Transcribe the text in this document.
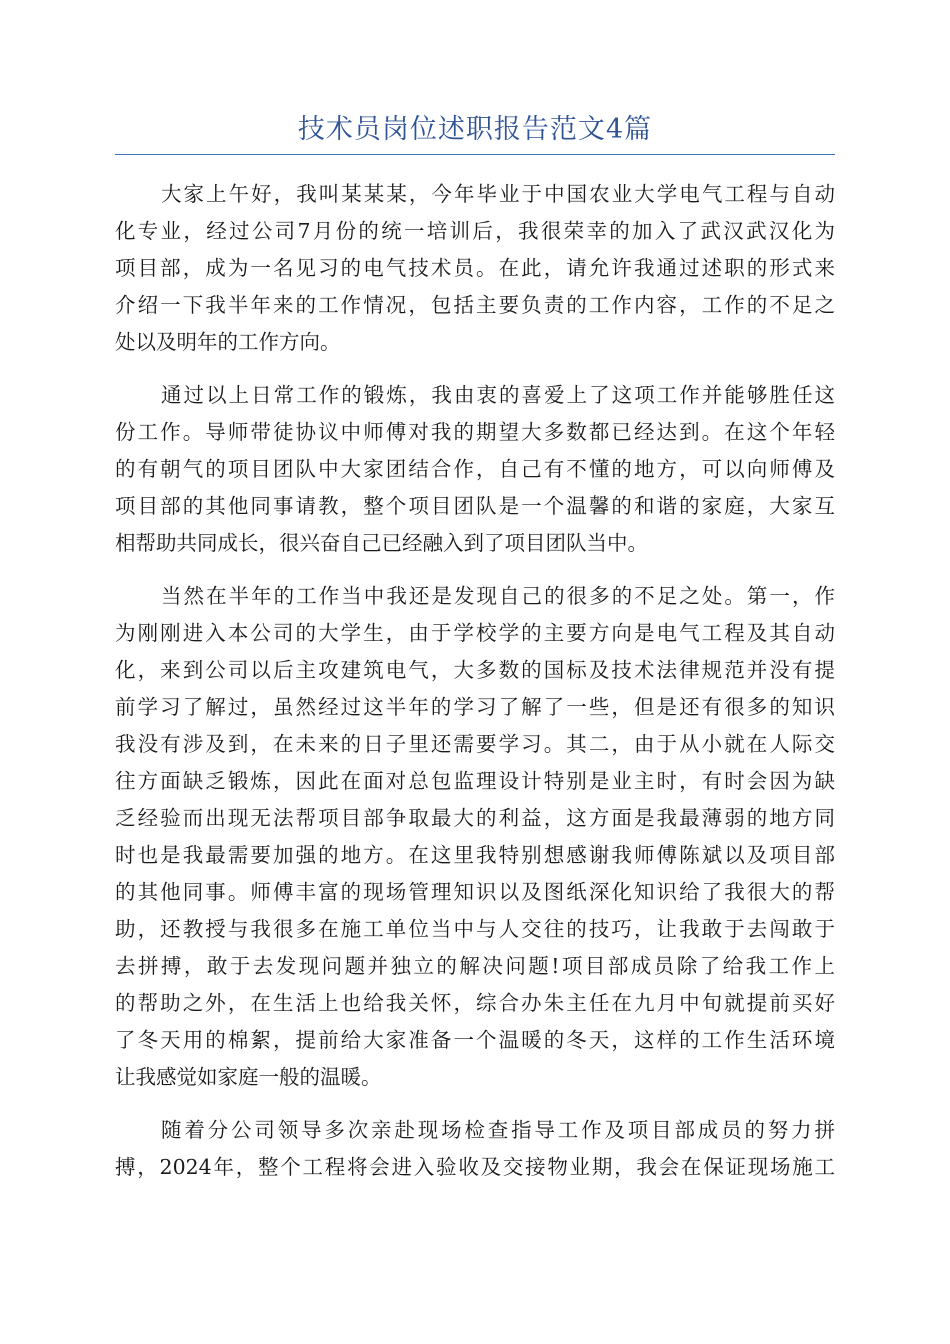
技术员岗位述职报告范文4篇
大家上午好，我叫某某某，今年毕业于中国农业大学电气工程与自动
化专业，经过公司7月份的统一培训后，我很荣幸的加入了武汉武汉化为
项目部，成为一名见习的电气技术员。在此，请允许我通过述职的形式来
介绍一下我半年来的工作情况，包括主要负责的工作内容，工作的不足之
处以及明年的工作方向。
通过以上日常工作的锻炼，我由衷的喜爱上了这项工作并能够胜任这
份工作。导师带徒协议中师傅对我的期望大多数都已经达到。在这个年轻
的有朝气的项目团队中大家团结合作，自己有不懂的地方，可以向师傅及
项目部的其他同事请教，整个项目团队是一个温馨的和谐的家庭，大家互
相帮助共同成长，很兴奋自己已经融入到了项目团队当中。
当然在半年的工作当中我还是发现自己的很多的不足之处。第一，作
为刚刚进入本公司的大学生，由于学校学的主要方向是电气工程及其自动
化，来到公司以后主攻建筑电气，大多数的国标及技术法律规范并没有提
前学习了解过，虽然经过这半年的学习了解了一些，但是还有很多的知识
我没有涉及到，在未来的日子里还需要学习。其二，由于从小就在人际交
往方面缺乏锻炼，因此在面对总包监理设计特别是业主时，有时会因为缺
乏经验而出现无法帮项目部争取最大的利益，这方面是我最薄弱的地方同
时也是我最需要加强的地方。在这里我特别想感谢我师傅陈斌以及项目部
的其他同事。师傅丰富的现场管理知识以及图纸深化知识给了我很大的帮
助，还教授与我很多在施工单位当中与人交往的技巧，让我敢于去闯敢于
去拼搏，敢于去发现问题并独立的解决问题!项目部成员除了给我工作上
的帮助之外，在生活上也给我关怀，综合办朱主任在九月中旬就提前买好
了冬天用的棉絮，提前给大家准备一个温暖的冬天，这样的工作生活环境
让我感觉如家庭一般的温暖。
随着分公司领导多次亲赴现场检查指导工作及项目部成员的努力拼
搏，2024年，整个工程将会进入验收及交接物业期，我会在保证现场施工
